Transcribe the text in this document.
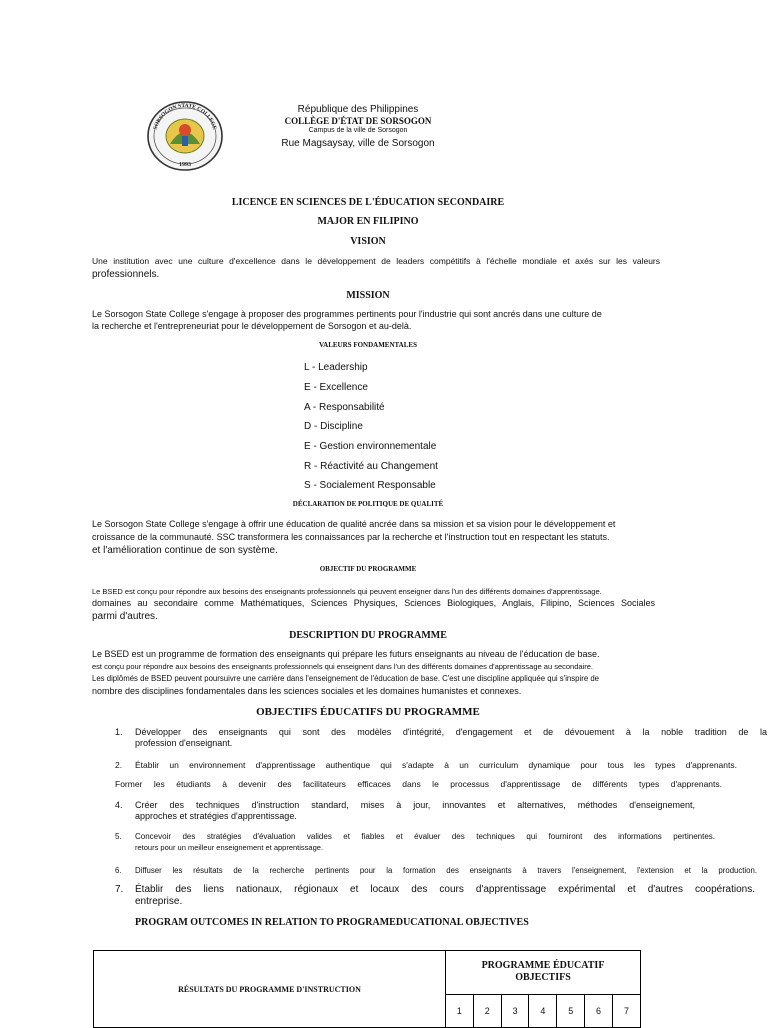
SORSOGON STATE COLLEGE
1993
République des Philippines
COLLÈGE D'ÉTAT DE SORSOGON
Campus de la ville de Sorsogon
Rue Magsaysay, ville de Sorsogon
LICENCE EN SCIENCES DE L'ÉDUCATION SECONDAIRE
MAJOR EN FILIPINO
VISION
Une institution avec une culture d'excellence dans le développement de leaders compétitifs à l'échelle mondiale et axés sur les valeurs
professionnels.
MISSION
Le Sorsogon State College s'engage à proposer des programmes pertinents pour l'industrie qui sont ancrés dans une culture de
la recherche et l'entrepreneuriat pour le développement de Sorsogon et au-delà.
VALEURS FONDAMENTALES
L - Leadership
E - Excellence
A - Responsabilité
D - Discipline
E - Gestion environnementale
R - Réactivité au Changement
S - Socialement Responsable
DÉCLARATION DE POLITIQUE DE QUALITÉ
Le Sorsogon State College s'engage à offrir une éducation de qualité ancrée dans sa mission et sa vision pour le développement et
croissance de la communauté. SSC transformera les connaissances par la recherche et l'instruction tout en respectant les statuts.
et l'amélioration continue de son système.
OBJECTIF DU PROGRAMME
Le BSED est conçu pour répondre aux besoins des enseignants professionnels qui peuvent enseigner dans l'un des différents domaines d'apprentissage.
domaines au secondaire comme Mathématiques, Sciences Physiques, Sciences Biologiques, Anglais, Filipino, Sciences Sociales
parmi d'autres.
DESCRIPTION DU PROGRAMME
Le BSED est un programme de formation des enseignants qui prépare les futurs enseignants au niveau de l'éducation de base.
est conçu pour répondre aux besoins des enseignants professionnels qui enseignent dans l'un des différents domaines d'apprentissage au secondaire.
Les diplômés de BSED peuvent poursuivre une carrière dans l'enseignement de l'éducation de base. C'est une discipline appliquée qui s'inspire de
nombre des disciplines fondamentales dans les sciences sociales et les domaines humanistes et connexes.
OBJECTIFS ÉDUCATIFS DU PROGRAMME
1. Développer des enseignants qui sont des modèles d'intégrité, d'engagement et de dévouement à la noble tradition de la
profession d'enseignant.
2. Établir un environnement d'apprentissage authentique qui s'adapte à un curriculum dynamique pour tous les types d'apprenants.
Former les étudiants à devenir des facilitateurs efficaces dans le processus d'apprentissage de différents types d'apprenants.
4. Créer des techniques d'instruction standard, mises à jour, innovantes et alternatives, méthodes d'enseignement,
approches et stratégies d'apprentissage.
5. Concevoir des stratégies d'évaluation valides et fiables et évaluer des techniques qui fourniront des informations pertinentes.
retours pour un meilleur enseignement et apprentissage.
6. Diffuser les résultats de la recherche pertinents pour la formation des enseignants à travers l'enseignement, l'extension et la production.
7. Établir des liens nationaux, régionaux et locaux des cours d'apprentissage expérimental et d'autres coopérations.
entreprise.
PROGRAM OUTCOMES IN RELATION TO PROGRAMEDUCATIONAL OBJECTIVES
RÉSULTATS DU PROGRAMME D'INSTRUCTION	PROGRAMME ÉDUCATIF
OBJECTIFS						

	1	2	3	4	5	6	7
